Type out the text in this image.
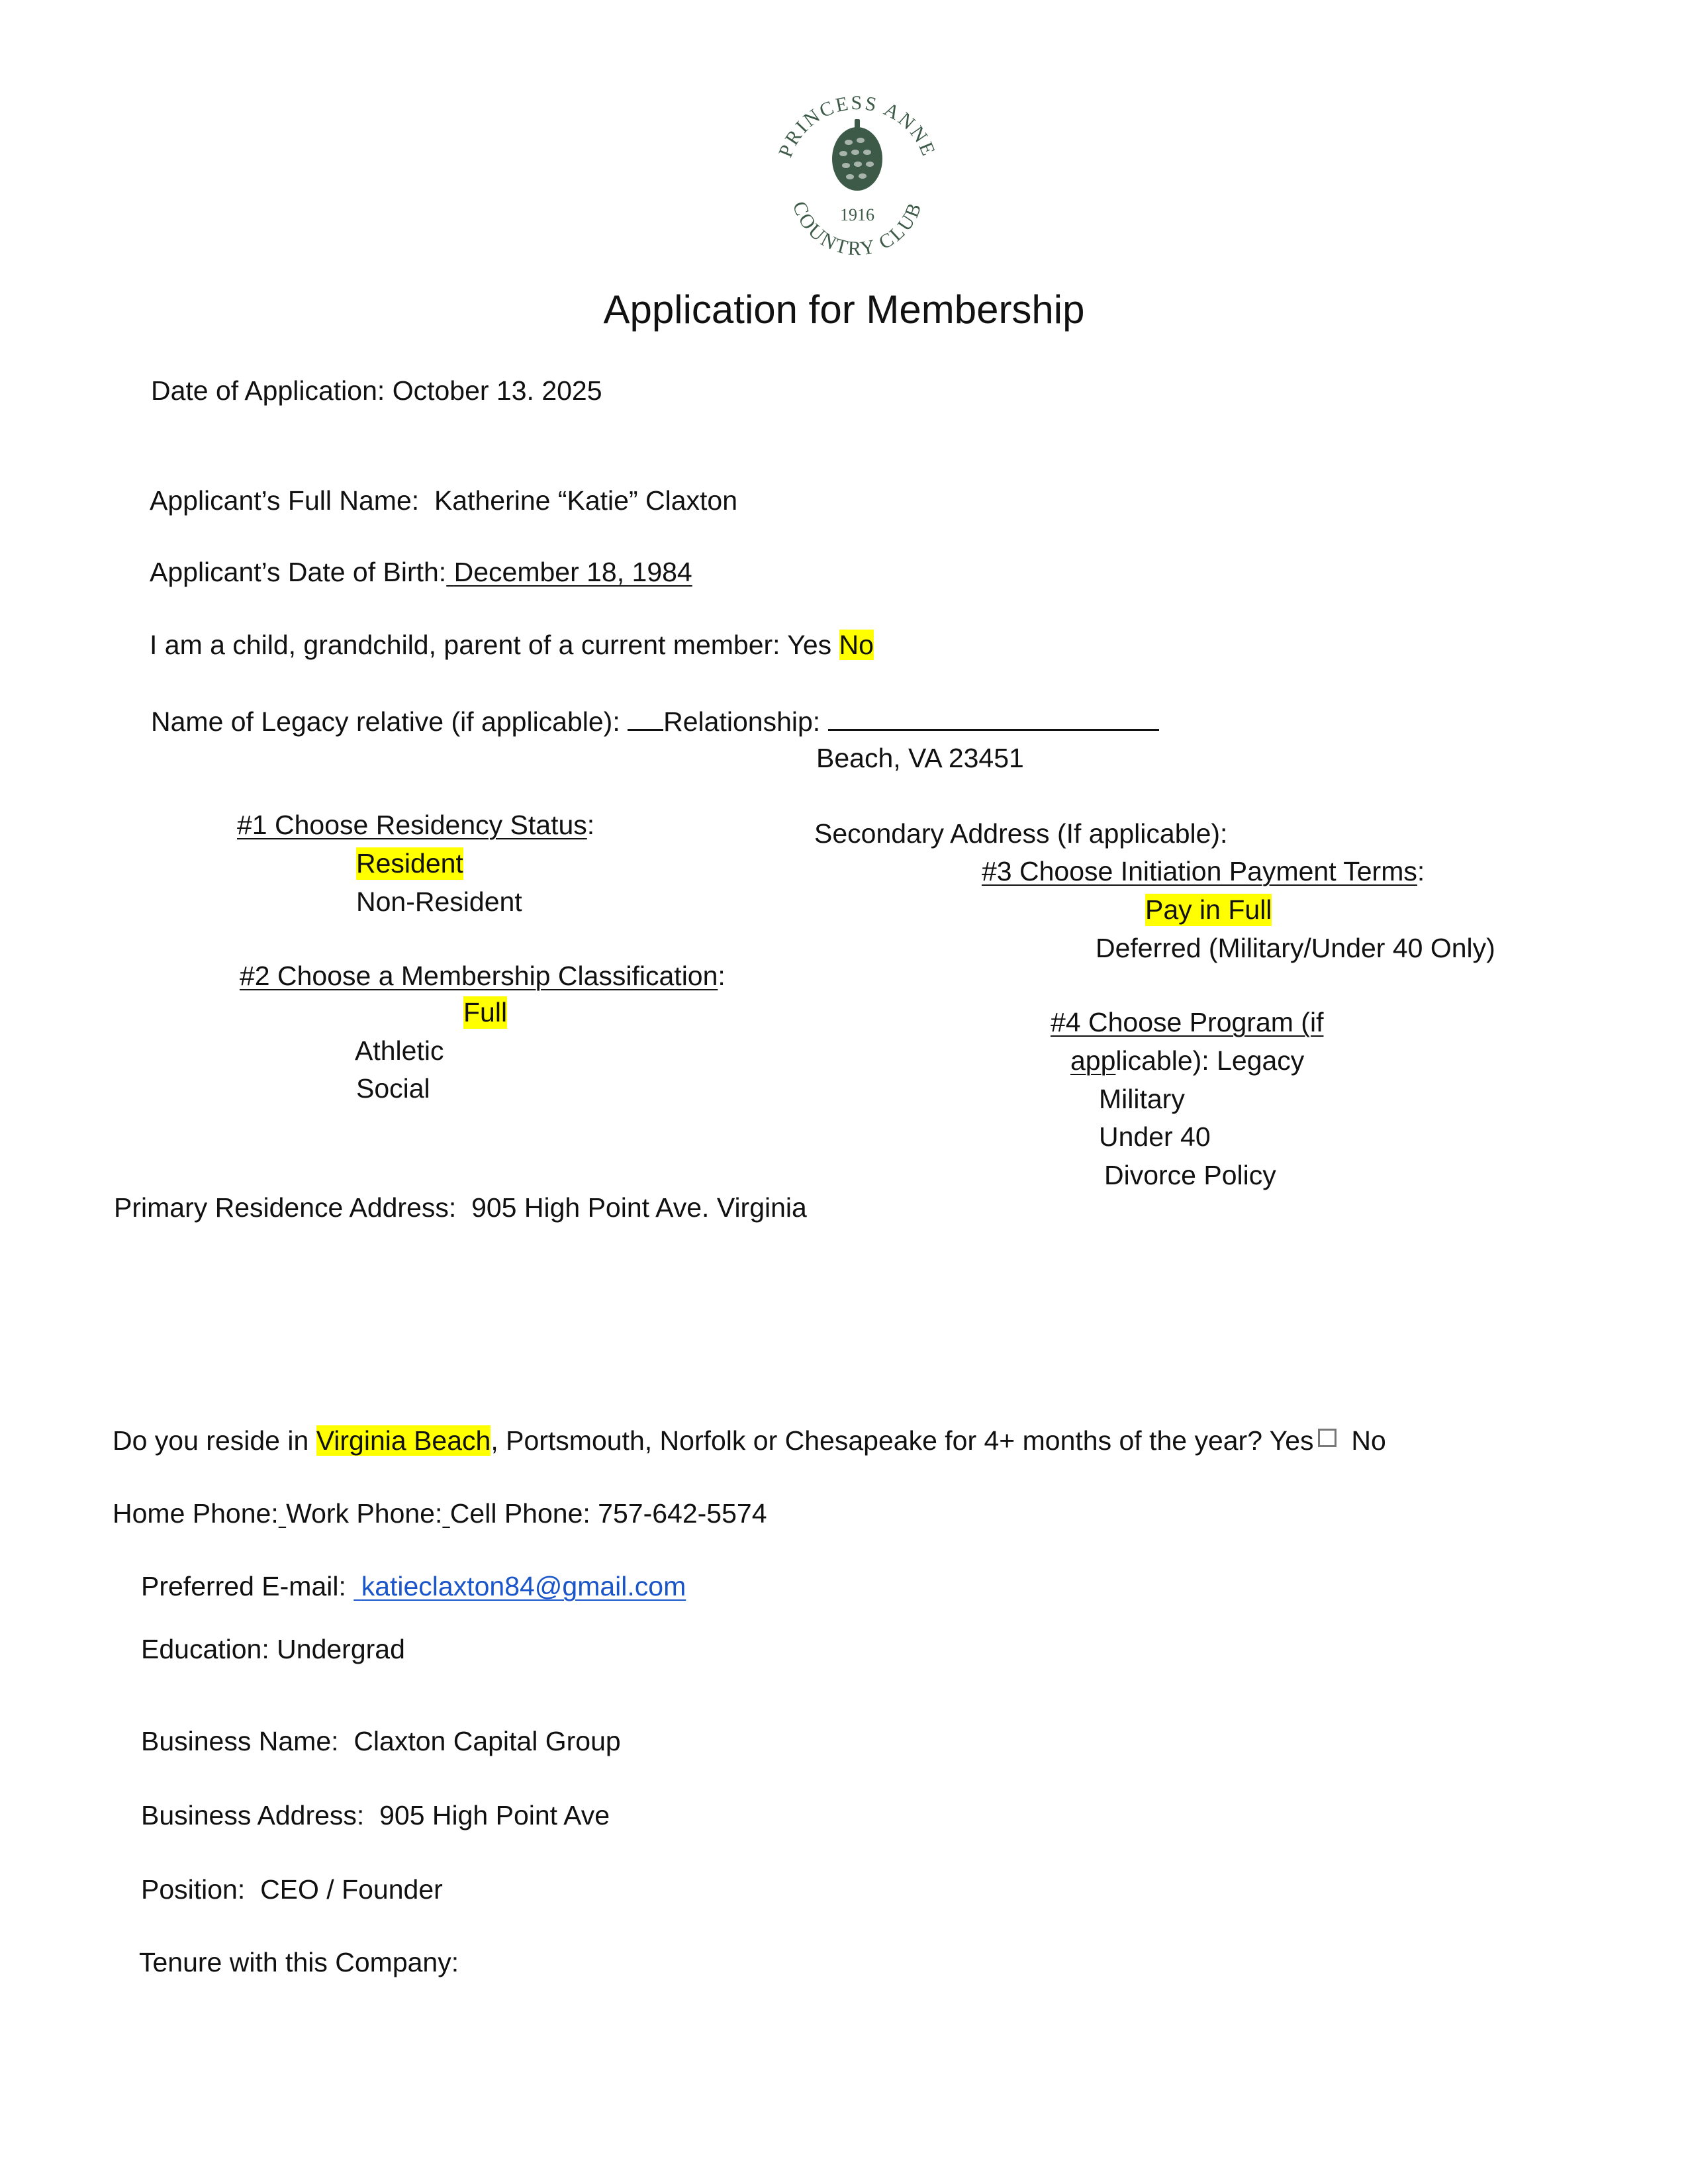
PRINCESS ANNE
COUNTRY CLUB
1916
Application for Membership
Date of Application: October 13. 2025
Applicant’s Full Name: Katherine “Katie” Claxton
Applicant’s Date of Birth: December 18, 1984
I am a child, grandchild, parent of a current member: Yes No
Name of Legacy relative (if applicable): Relationship:
Beach, VA 23451
#1 Choose Residency Status:
Resident
Non-Resident
#2 Choose a Membership Classification:
Full
Athletic
Social
Secondary Address (If applicable):
#3 Choose Initiation Payment Terms:
Pay in Full
Deferred (Military/Under 40 Only)
#4 Choose Program (if
applicable): Legacy
Military
Under 40
Divorce Policy
Primary Residence Address: 905 High Point Ave. Virginia
Do you reside in Virginia Beach, Portsmouth, Norfolk or Chesapeake for 4+ months of the year? Yes No
Home Phone: Work Phone: Cell Phone: 757-642-5574
Preferred E-mail: katieclaxton84@gmail.com
Education: Undergrad
Business Name: Claxton Capital Group
Business Address: 905 High Point Ave
Position: CEO / Founder
Tenure with this Company:
